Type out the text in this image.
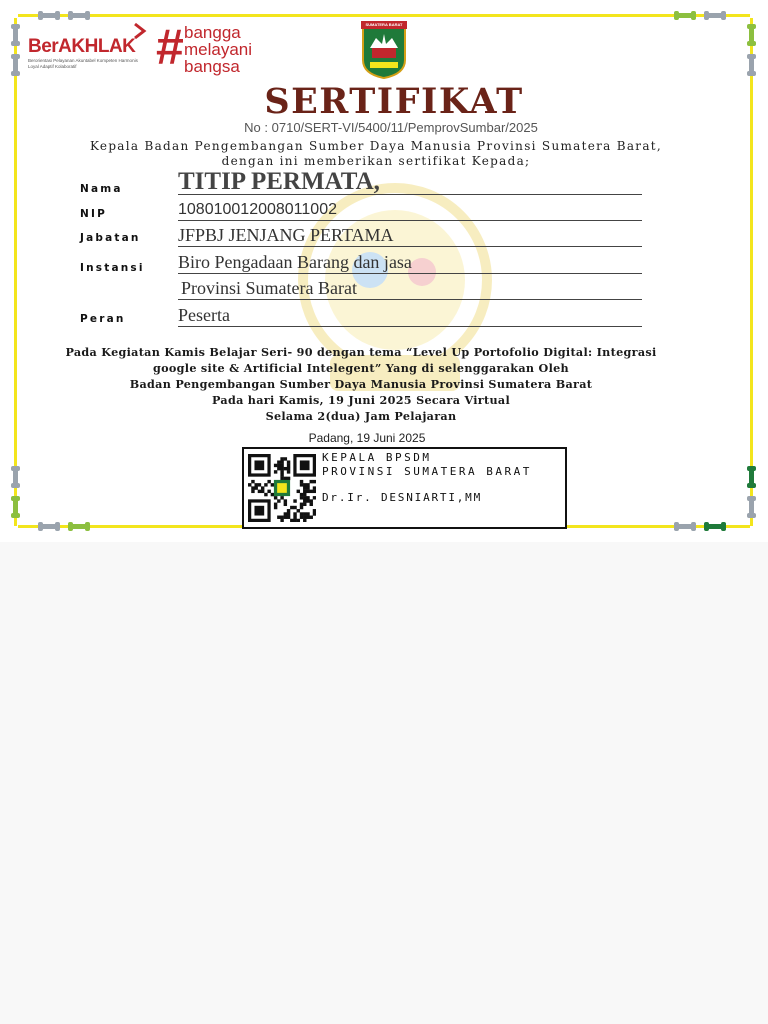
BerAKHLAK
Berorientasi Pelayanan Akuntabel Kompeten Harmonis Loyal Adaptif Kolaboratif	# bangga
melayani
bangsa
SUMATERA BARAT
SERTIFIKAT
No : 0710/SERT-VI/5400/11/PemprovSumbar/2025
Kepala Badan Pengembangan Sumber Daya Manusia Provinsi Sumatera Barat,
dengan ini memberikan sertifikat Kepada;
Nama TITIP PERMATA,
NIP	108010012008011002
Jabatan JFPBJ JENJANG PERTAMA
Instansi Biro Pengadaan Barang dan jasa
Provinsi Sumatera Barat
Peran	Peserta
Pada Kegiatan Kamis Belajar Seri- 90 dengan tema “Level Up Portofolio Digital: Integrasi
google site & Artificial Intelegent” Yang di selenggarakan Oleh
Badan Pengembangan Sumber Daya Manusia Provinsi Sumatera Barat
Pada hari Kamis, 19 Juni 2025 Secara Virtual
Selama 2(dua) Jam Pelajaran
Padang, 19 Juni 2025
KEPALA BPSDM
PROVINSI SUMATERA BARAT
Dr.Ir. DESNIARTI,MM
